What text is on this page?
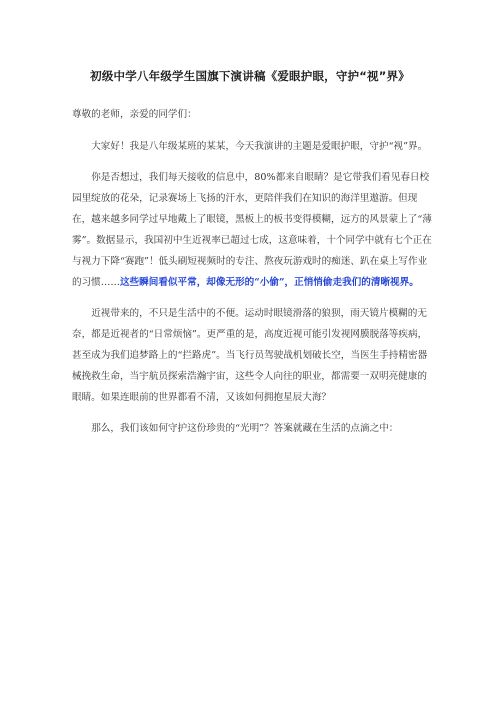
初级中学八年级学生国旗下演讲稿《爱眼护眼，守护“视”界》

尊敬的老师，亲爱的同学们：

大家好！我是八年级某班的某某，今天我演讲的主题是爱眼护眼，守护“视”界。

你是否想过，我们每天接收的信息中，80%都来自眼睛？是它带我们看见春日校园里绽放的花朵，记录赛场上飞扬的汗水，更陪伴我们在知识的海洋里遨游。但现在，越来越多同学过早地戴上了眼镜，黑板上的板书变得模糊，远方的风景蒙上了“薄雾”。数据显示，我国初中生近视率已超过七成，这意味着，十个同学中就有七个正在与视力下降“赛跑”！低头刷短视频时的专注、熬夜玩游戏时的痴迷、趴在桌上写作业的习惯……这些瞬间看似平常，却像无形的“小偷”，正悄悄偷走我们的清晰视界。

近视带来的，不只是生活中的不便。运动时眼镜滑落的狼狈，雨天镜片模糊的无奈，都是近视者的“日常烦恼”。更严重的是，高度近视可能引发视网膜脱落等疾病，甚至成为我们追梦路上的“拦路虎”。当飞行员驾驶战机划破长空，当医生手持精密器械挽救生命，当宇航员探索浩瀚宇宙，这些令人向往的职业，都需要一双明亮健康的眼睛。如果连眼前的世界都看不清，又该如何拥抱星辰大海？

那么，我们该如何守护这份珍贵的“光明”？答案就藏在生活的点滴之中：
